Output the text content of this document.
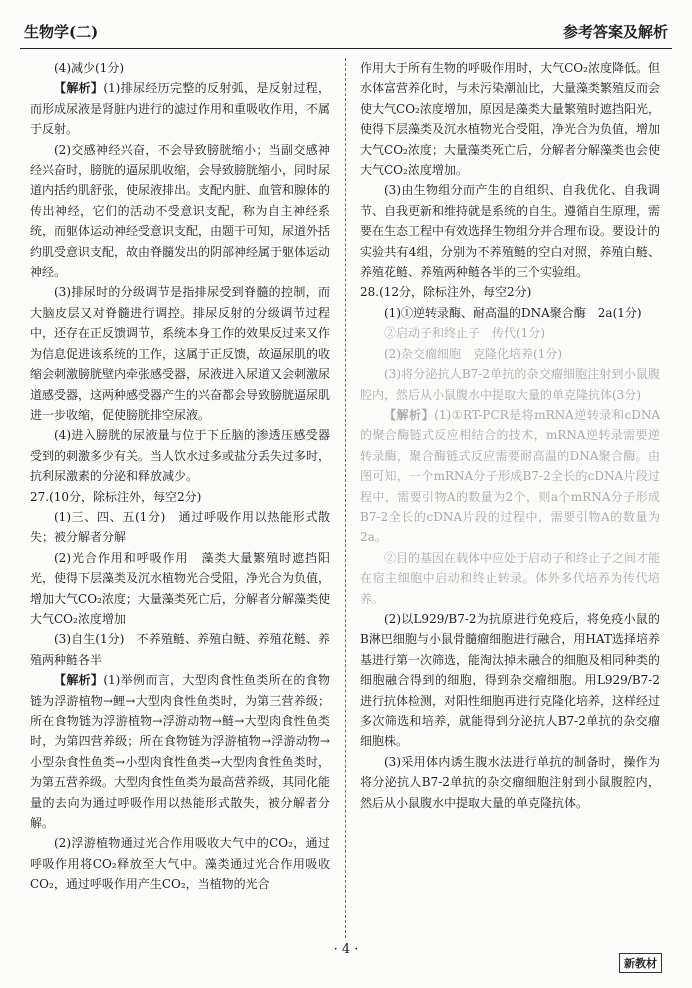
生物学(二)	参考答案及解析

(4)减少(1分)

【解析】(1)排尿经历完整的反射弧，是反射过程，而形成尿液是肾脏内进行的滤过作用和重吸收作用，不属于反射。

(2)交感神经兴奋，不会导致膀胱缩小；当副交感神经兴奋时，膀胱的逼尿肌收缩，会导致膀胱缩小，同时尿道内括约肌舒张，使尿液排出。支配内脏、血管和腺体的传出神经，它们的活动不受意识支配，称为自主神经系统，而躯体运动神经受意识支配，由题干可知，尿道外括约肌受意识支配，故由脊髓发出的阴部神经属于躯体运动神经。

(3)排尿时的分级调节是指排尿受到脊髓的控制，而大脑皮层又对脊髓进行调控。排尿反射的分级调节过程中，还存在正反馈调节，系统本身工作的效果反过来又作为信息促进该系统的工作，这属于正反馈，故逼尿肌的收缩会刺激膀胱壁内牵张感受器，尿液进入尿道又会刺激尿道感受器，这两种感受器产生的兴奋都会导致膀胱逼尿肌进一步收缩，促使膀胱排空尿液。

(4)进入膀胱的尿液量与位于下丘脑的渗透压感受器受到的刺激多少有关。当人饮水过多或盐分丢失过多时，抗利尿激素的分泌和释放减少。

27.(10分，除标注外，每空2分)

(1)三、四、五(1分)　通过呼吸作用以热能形式散失；被分解者分解

(2)光合作用和呼吸作用　藻类大量繁殖时遮挡阳光，使得下层藻类及沉水植物光合受阻，净光合为负值，增加大气CO₂浓度；大量藻类死亡后，分解者分解藻类使大气CO₂浓度增加

(3)自生(1分)　不养殖鲢、养殖白鲢、养殖花鲢、养殖两种鲢各半

【解析】(1)举例而言，大型肉食性鱼类所在的食物链为浮游植物→鲤→大型肉食性鱼类时，为第三营养级；所在食物链为浮游植物→浮游动物→鲢→大型肉食性鱼类时，为第四营养级；所在食物链为浮游植物→浮游动物→小型杂食性鱼类→小型肉食性鱼类→大型肉食性鱼类时，为第五营养级。大型肉食性鱼类为最高营养级，其同化能量的去向为通过呼吸作用以热能形式散失，被分解者分解。

(2)浮游植物通过光合作用吸收大气中的CO₂，通过呼吸作用将CO₂释放至大气中。藻类通过光合作用吸收CO₂，通过呼吸作用产生CO₂，当植物的光合

作用大于所有生物的呼吸作用时，大气CO₂浓度降低。但水体富营养化时，与未污染潮汕比，大量藻类繁殖反而会使大气CO₂浓度增加，原因是藻类大量繁殖时遮挡阳光，使得下层藻类及沉水植物光合受阻，净光合为负值，增加大气CO₂浓度；大量藻类死亡后，分解者分解藻类也会使大气CO₂浓度增加。

(3)由生物组分而产生的自组织、自我优化、自我调节、自我更新和维持就是系统的自生。遵循自生原理，需要在生态工程中有效选择生物组分并合理布设。要设计的实验共有4组，分别为不养殖鲢的空白对照，养殖白鲢、养殖花鲢、养殖两种鲢各半的三个实验组。

28.(12分，除标注外，每空2分)

(1)①逆转录酶、耐高温的DNA聚合酶　2a(1分)

②启动子和终止子　传代(1分)

(2)杂交瘤细胞　克隆化培养(1分)

(3)将分泌抗人B7-2单抗的杂交瘤细胞注射到小鼠腹腔内，然后从小鼠腹水中提取大量的单克隆抗体(3分)

【解析】(1)①RT-PCR是将mRNA逆转录和cDNA的聚合酶链式反应相结合的技术，mRNA逆转录需要逆转录酶，聚合酶链式反应需要耐高温的DNA聚合酶。由图可知，一个mRNA分子形成B7-2全长的cDNA片段过程中，需要引物A的数量为2个，则a个mRNA分子形成B7-2全长的cDNA片段的过程中，需要引物A的数量为2a。

②目的基因在载体中应处于启动子和终止子之间才能在宿主细胞中启动和终止转录。体外多代培养为传代培养。

(2)以L929/B7-2为抗原进行免疫后，将免疫小鼠的B淋巴细胞与小鼠骨髓瘤细胞进行融合，用HAT选择培养基进行第一次筛选，能淘汰掉未融合的细胞及相同种类的细胞融合得到的细胞，得到杂交瘤细胞。用L929/B7-2进行抗体检测，对阳性细胞再进行克隆化培养，这样经过多次筛选和培养，就能得到分泌抗人B7-2单抗的杂交瘤细胞株。

(3)采用体内诱生腹水法进行单抗的制备时，操作为将分泌抗人B7-2单抗的杂交瘤细胞注射到小鼠腹腔内，然后从小鼠腹水中提取大量的单克隆抗体。

· 4 ·
新教材
